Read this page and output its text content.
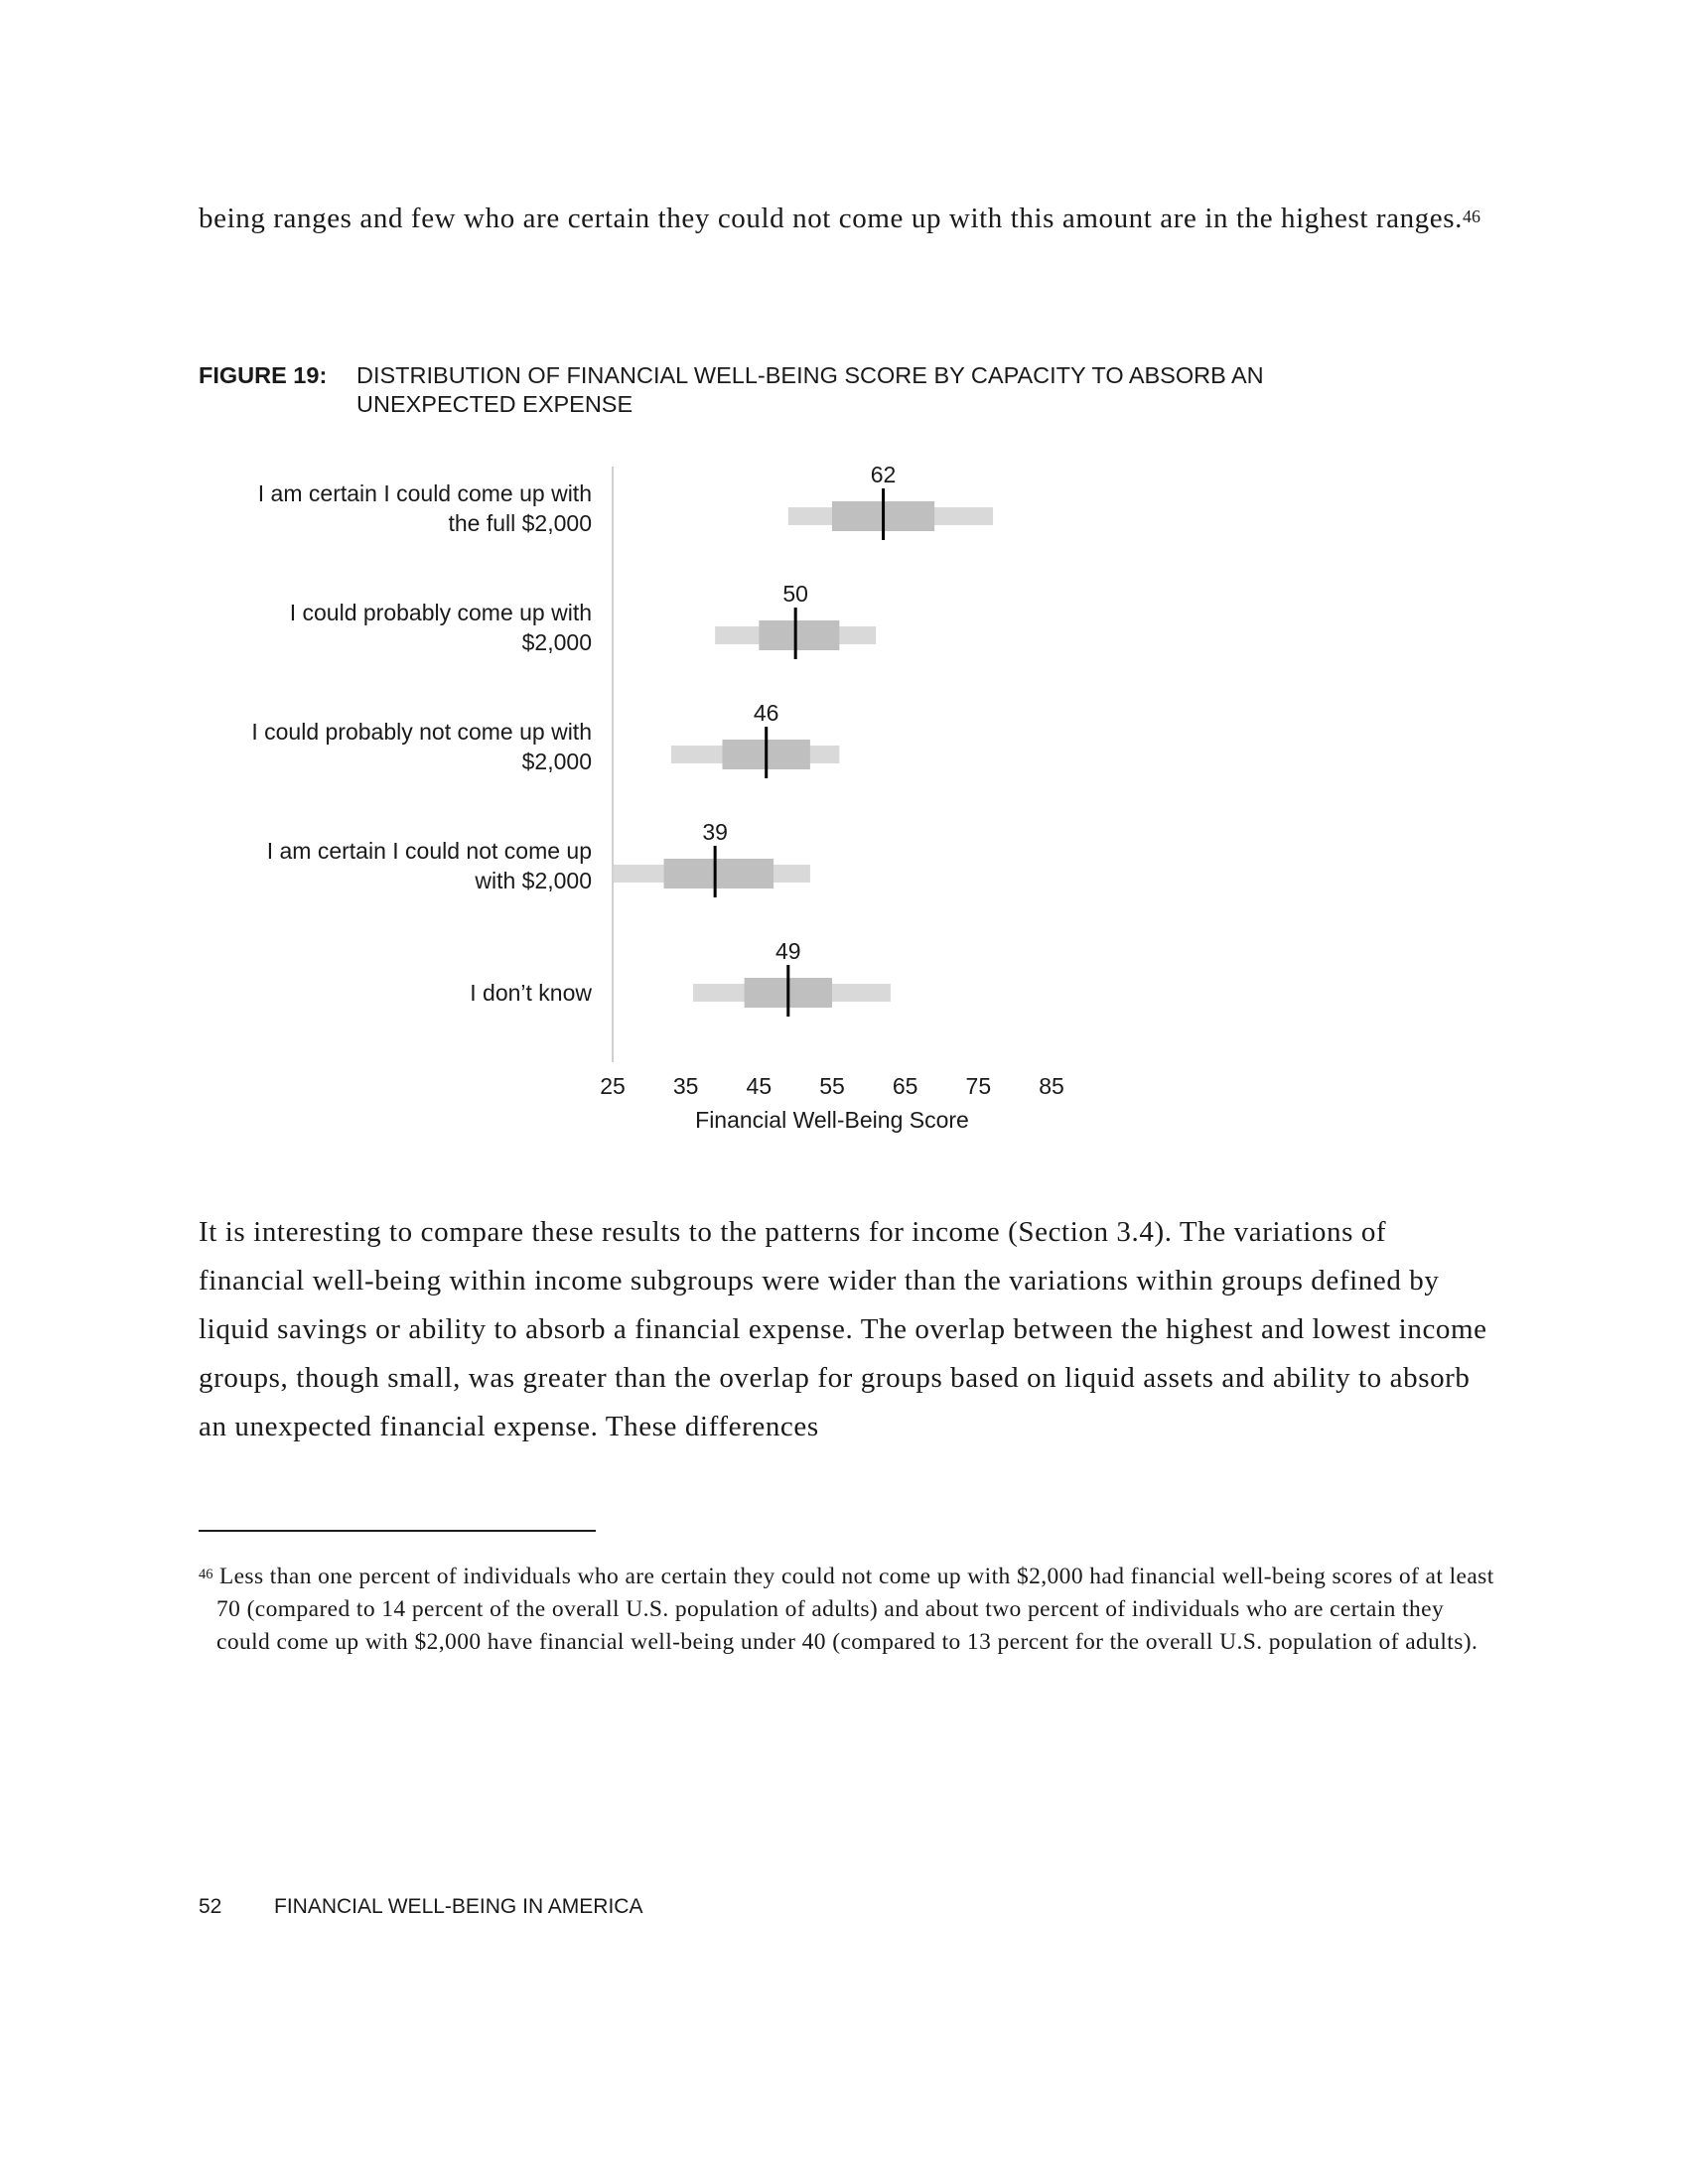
being ranges and few who are certain they could not come up with this amount are in the highest ranges.$^{46}$
FIGURE 19: DISTRIBUTION OF FINANCIAL WELL-BEING SCORE BY CAPACITY TO ABSORB AN UNEXPECTED EXPENSE
62
I am certain I could come up with
the full $2,000
50
I could probably come up with
$2,000
46
I could probably not come up with
$2,000
39
I am certain I could not come up
with $2,000
49
I don’t know
25 35 45 55 65 75 85
Financial Well-Being Score
It is interesting to compare these results to the patterns for income (Section 3.4). The variations of financial well-being within income subgroups were wider than the variations within groups defined by liquid savings or ability to absorb a financial expense. The overlap between the highest and lowest income groups, though small, was greater than the overlap for groups based on liquid assets and ability to absorb an unexpected financial expense. These differences
$^{46}$ Less than one percent of individuals who are certain they could not come up with $2,000 had financial well-being scores of at least 70 (compared to 14 percent of the overall U.S. population of adults) and about two percent of individuals who are certain they could come up with $2,000 have financial well-being under 40 (compared to 13 percent for the overall U.S. population of adults).
52	FINANCIAL WELL-BEING IN AMERICA
